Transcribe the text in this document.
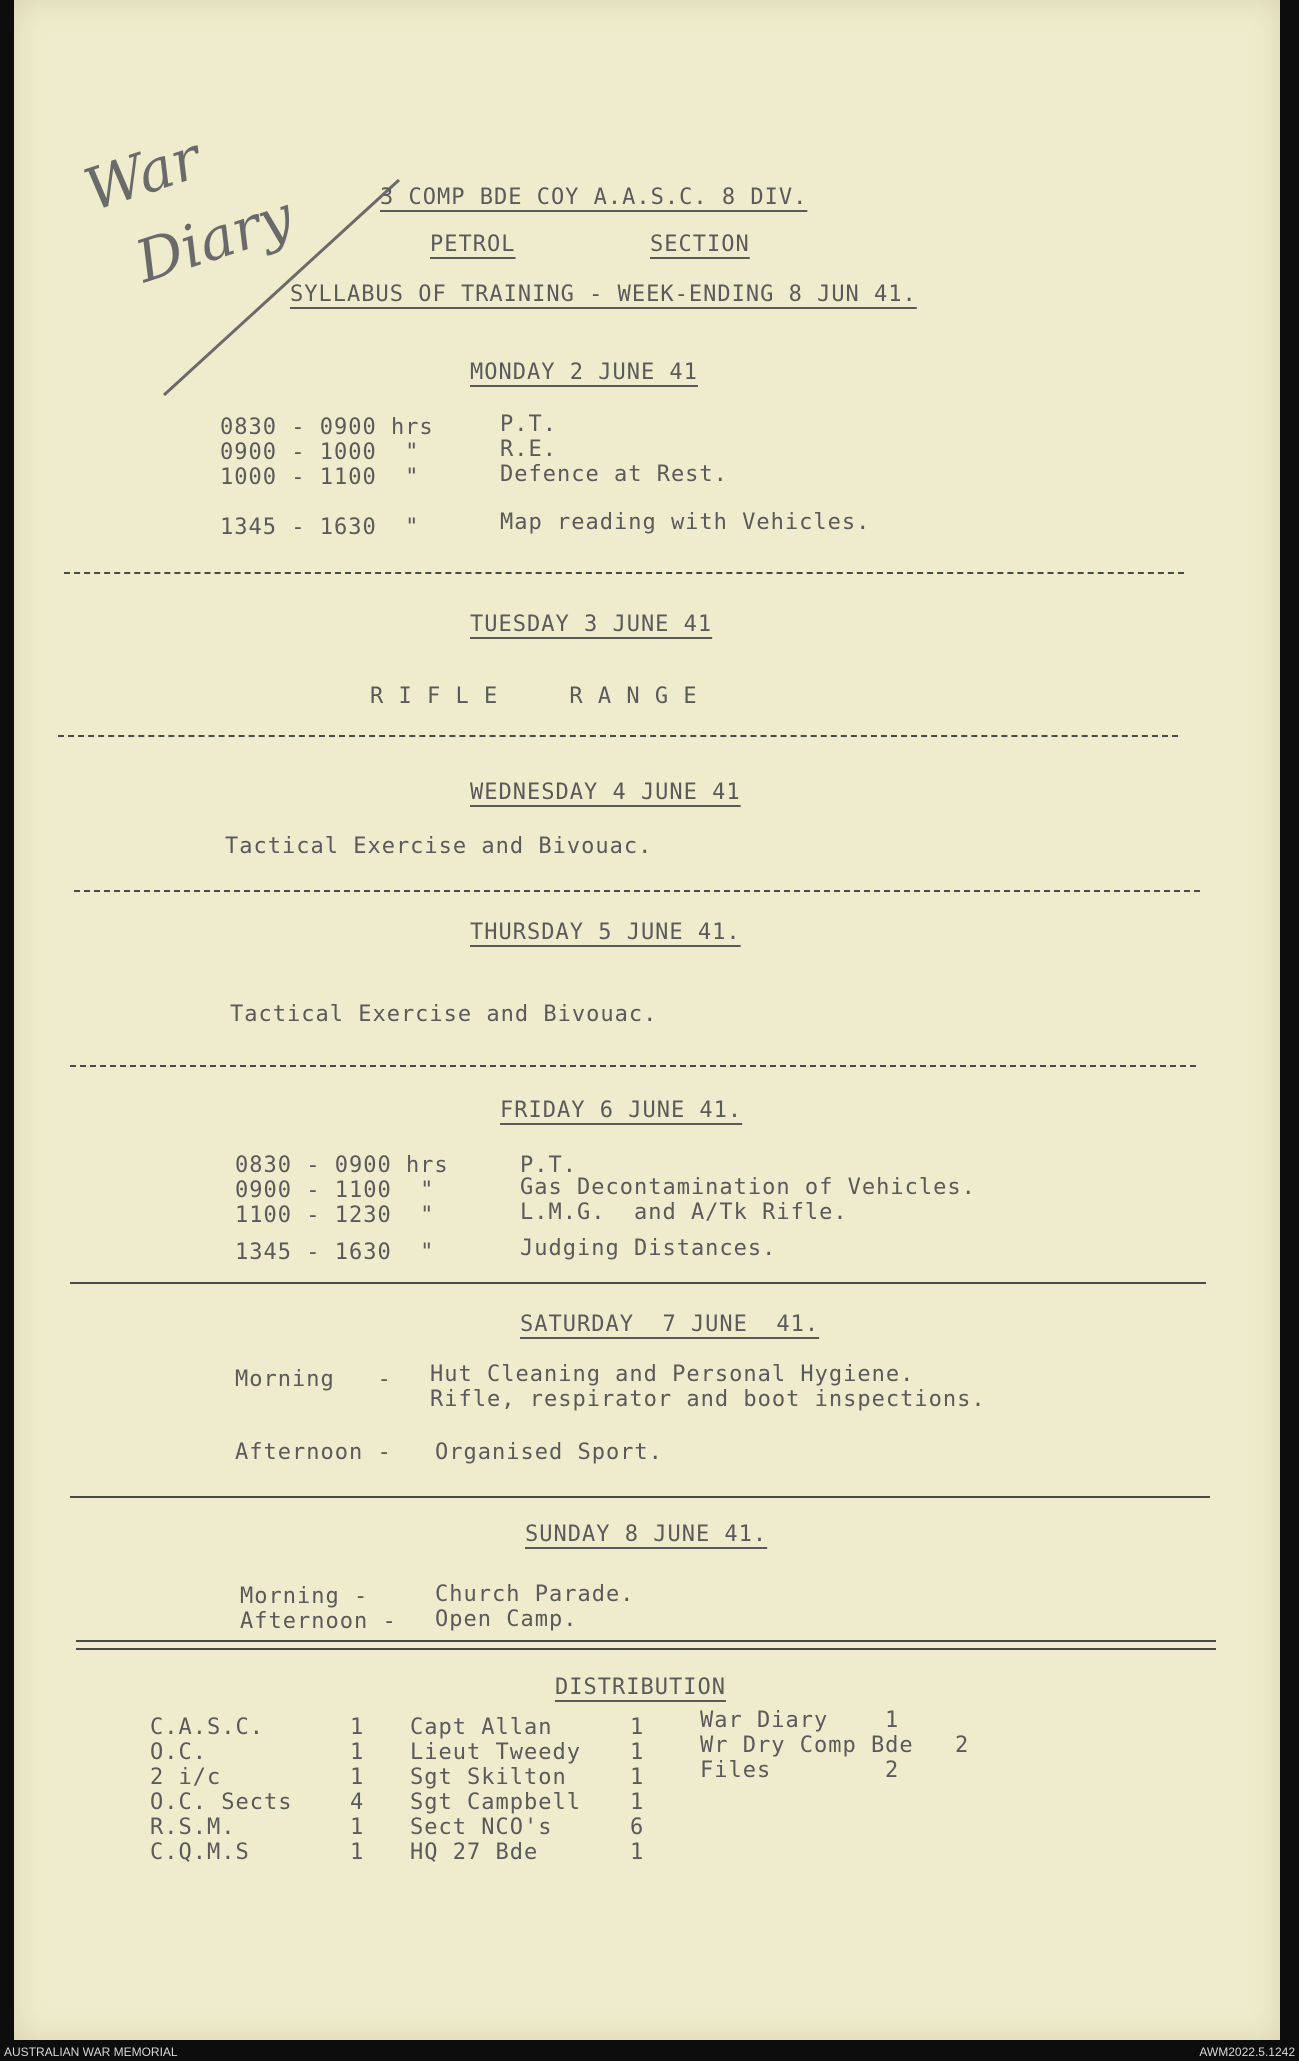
War
Diary	3 COMP BDE COY A.A.S.C. 8 DIV.
PETROL	SECTION
SYLLABUS OF TRAINING - WEEK-ENDING 8 JUN 41.
MONDAY 2 JUNE 41
0830 - 0900 hrs	P.T.
0900 - 1000  "	R.E.
1000 - 1100  "	Defence at Rest.
1345 - 1630  "	Map reading with Vehicles.
TUESDAY 3 JUNE 41
R I F L E     R A N G E
WEDNESDAY 4 JUNE 41
Tactical Exercise and Bivouac.
THURSDAY 5 JUNE 41.
Tactical Exercise and Bivouac.
FRIDAY 6 JUNE 41.
0830 - 0900 hrs	P.T.
0900 - 1100  "	Gas Decontamination of Vehicles.
1100 - 1230  "	L.M.G.  and A/Tk Rifle.
1345 - 1630  "	Judging Distances.
SATURDAY  7 JUNE  41.
Morning   - Hut Cleaning and Personal Hygiene.
Rifle, respirator and boot inspections.
Afternoon - Organised Sport.
SUNDAY 8 JUNE 41.
Morning -	Church Parade.
Afternoon - Open Camp.
DISTRIBUTION
C.A.S.C.	1
O.C.	1
2 i/c	1
O.C. Sects	4
R.S.M.	1
C.Q.M.S	1
Capt Allan	1
Lieut Tweedy 1
Sgt Skilton	1
Sgt Campbell 1
Sect NCO's	6
HQ 27 Bde	1
War Diary	1
Wr Dry Comp Bde 2
Files	2
AUSTRALIAN WAR MEMORIAL	AWM2022.5.1242
